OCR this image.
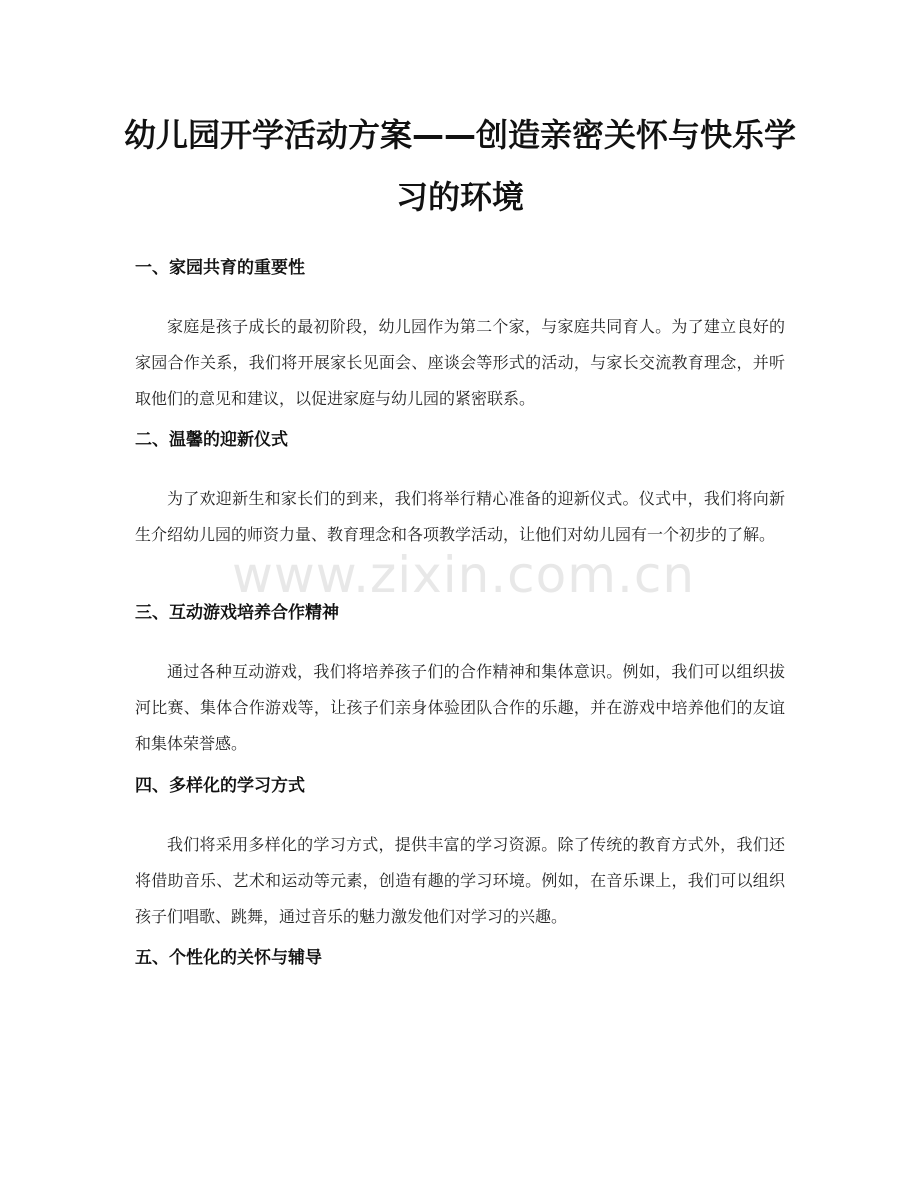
幼儿园开学活动方案——创造亲密关怀与快乐学习的环境
一、家园共育的重要性

家庭是孩子成长的最初阶段，幼儿园作为第二个家，与家庭共同育人。为了建立良好的家园合作关系，我们将开展家长见面会、座谈会等形式的活动，与家长交流教育理念，并听取他们的意见和建议，以促进家庭与幼儿园的紧密联系。

二、温馨的迎新仪式

为了欢迎新生和家长们的到来，我们将举行精心准备的迎新仪式。仪式中，我们将向新生介绍幼儿园的师资力量、教育理念和各项教学活动，让他们对幼儿园有一个初步的了解。

三、互动游戏培养合作精神

通过各种互动游戏，我们将培养孩子们的合作精神和集体意识。例如，我们可以组织拔河比赛、集体合作游戏等，让孩子们亲身体验团队合作的乐趣，并在游戏中培养他们的友谊和集体荣誉感。

四、多样化的学习方式

我们将采用多样化的学习方式，提供丰富的学习资源。除了传统的教育方式外，我们还将借助音乐、艺术和运动等元素，创造有趣的学习环境。例如，在音乐课上，我们可以组织孩子们唱歌、跳舞，通过音乐的魅力激发他们对学习的兴趣。

五、个性化的关怀与辅导
www.zixin.com.cn
